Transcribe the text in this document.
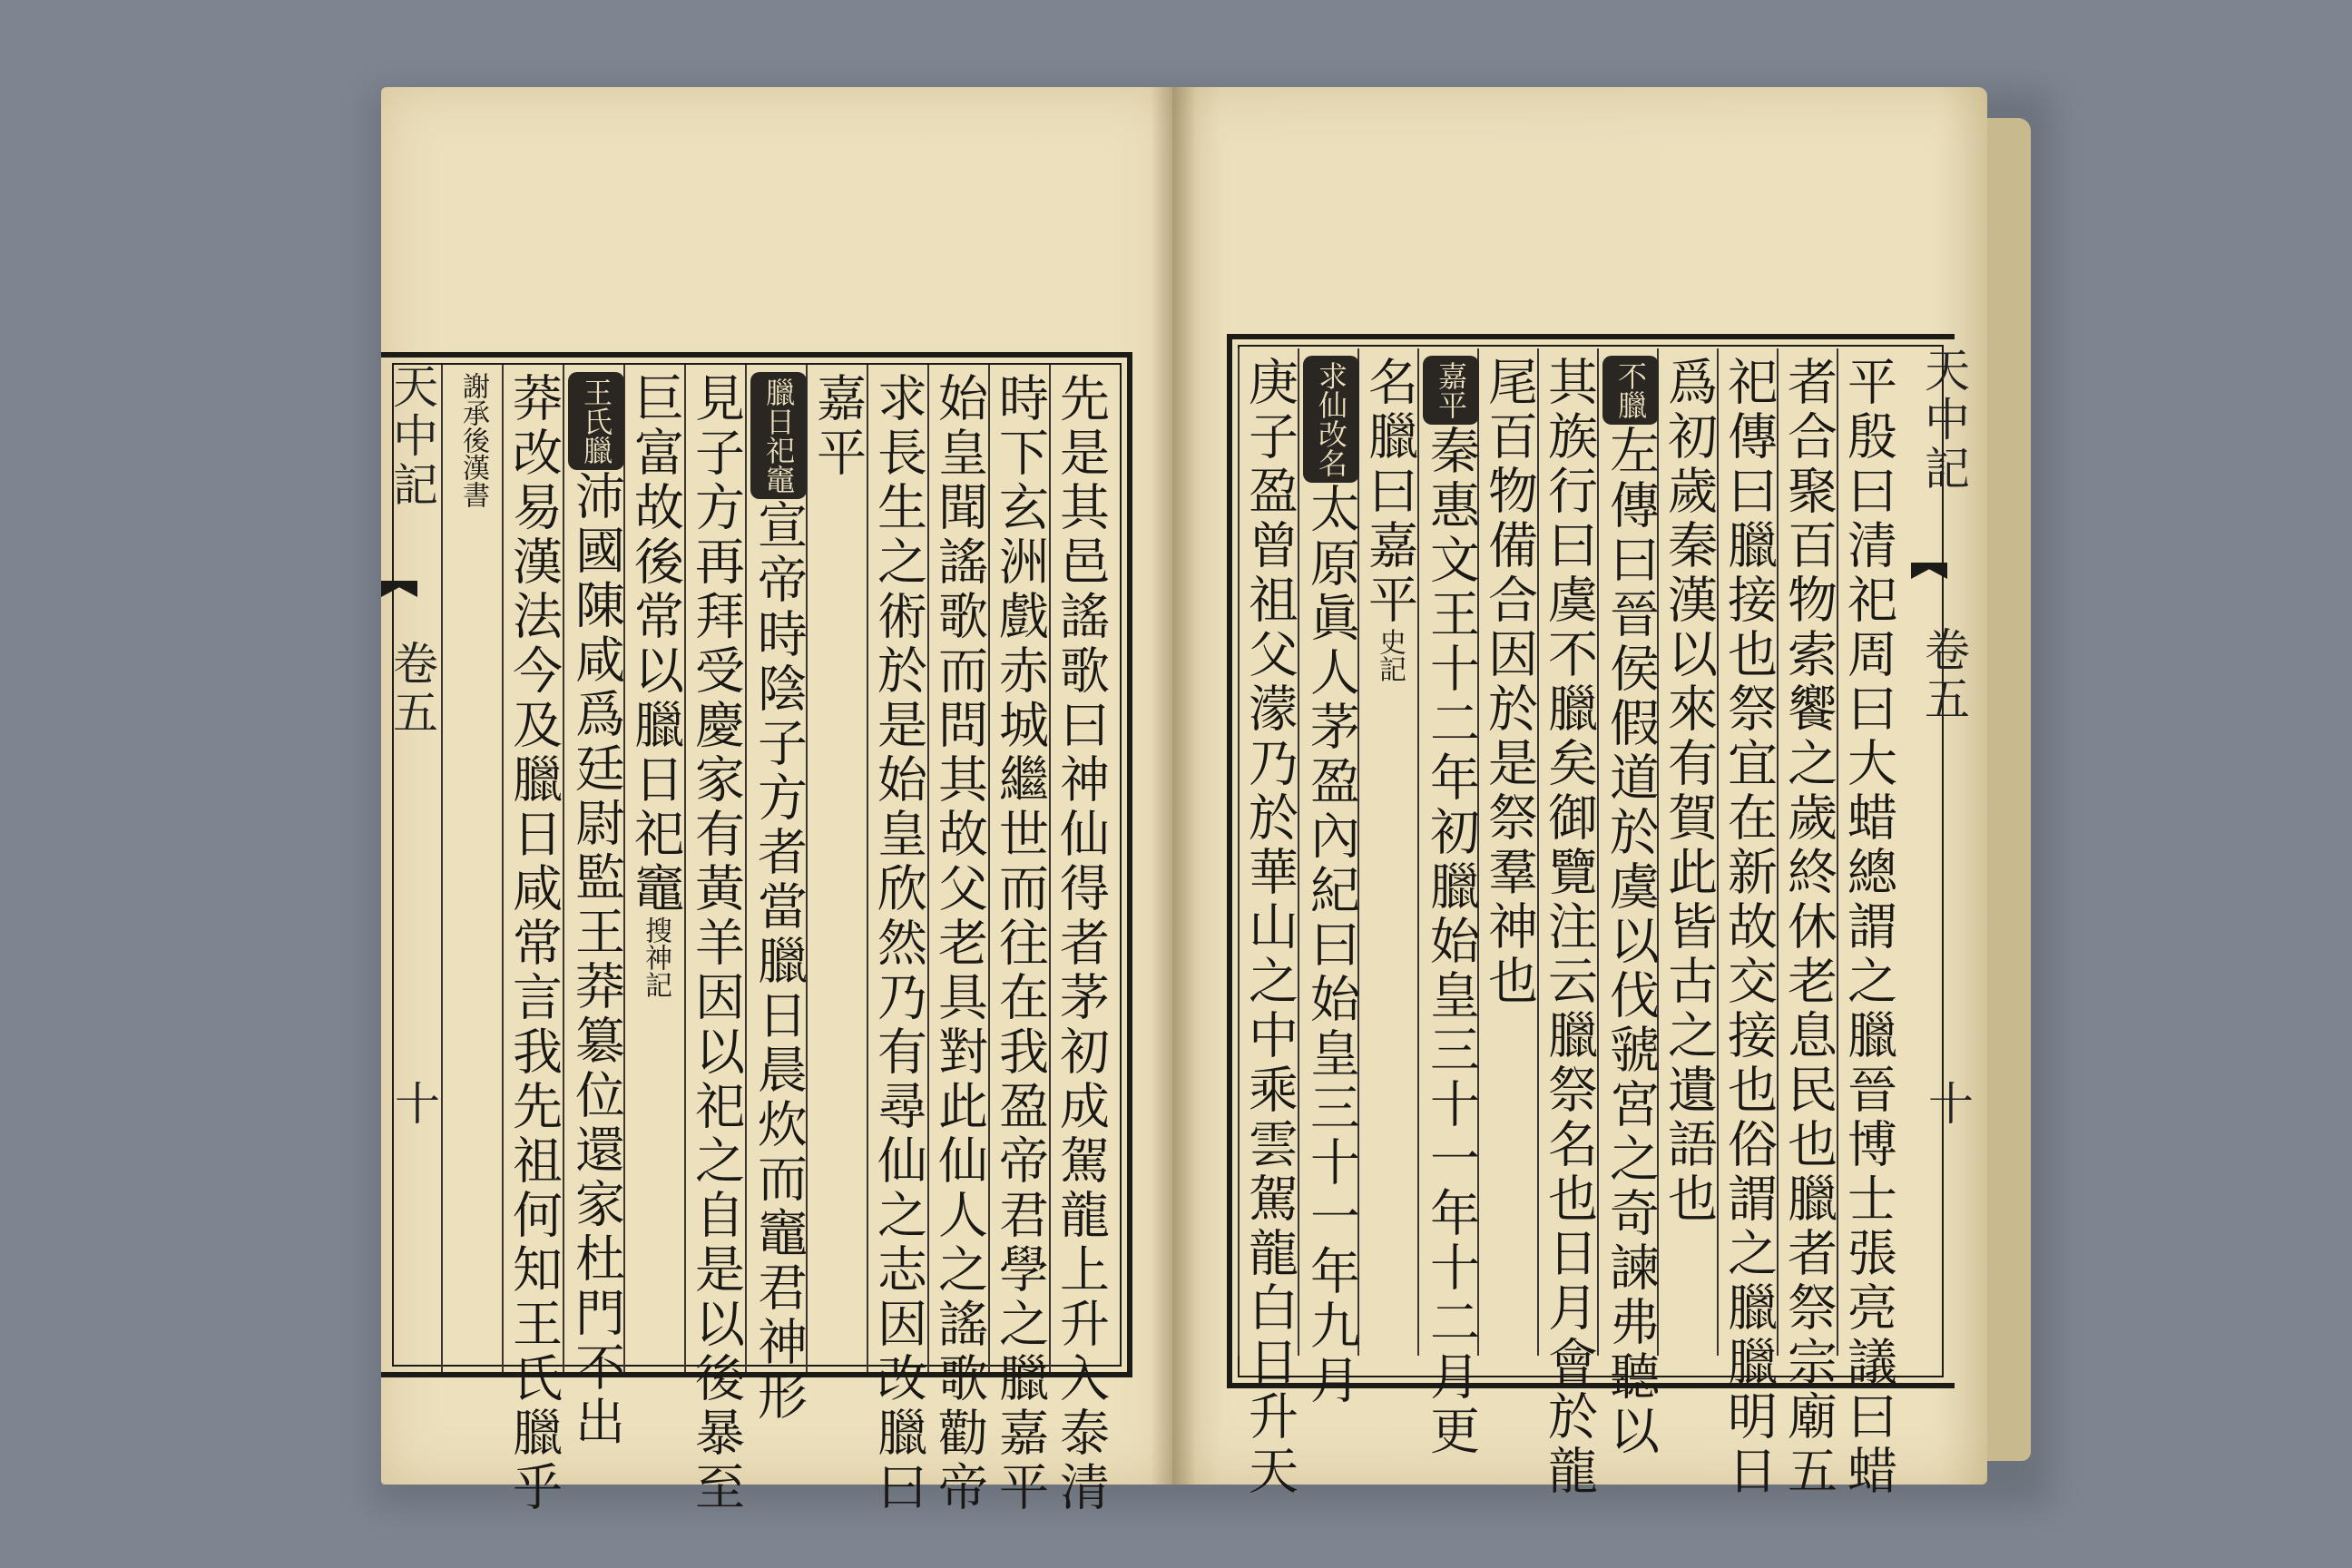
天中記
卷五
十
平殷曰清祀周曰大蜡總謂之臘晉博士張亮議曰蜡
者合聚百物索饗之歲終休老息民也臘者祭宗廟五
祀傳曰臘接也祭宜在新故交接也俗謂之臘臘明日
爲初歲秦漢以來有賀此皆古之遺語也
不臘左傳曰晉侯假道於虞以伐虢宮之奇諫弗聽以
其族行曰虞不臘矣御覽注云臘祭名也日月會於龍
尾百物備合因於是祭羣神也
嘉平秦惠文王十二年初臘始皇三十一年十二月更
名臘曰嘉平史記
求仙改名太原眞人茅盈內紀曰始皇三十一年九月
庚子盈曾祖父濛乃於華山之中乘雲駕龍白日升天
天中記
卷五
十	先是其邑謠歌曰神仙得者茅初成駕龍上升入泰清
時下玄洲戲赤城繼世而往在我盈帝君學之臘嘉平
始皇聞謠歌而問其故父老具對此仙人之謠歌勸帝
求長生之術於是始皇欣然乃有尋仙之志因改臘曰
嘉平
臘日祀竈宣帝時陰子方者當臘日晨炊而竈君神形
見子方再拜受慶家有黃羊因以祀之自是以後暴至
巨富故後常以臘日祀竈搜神記
王氏臘沛國陳咸爲廷尉監王莽簒位還家杜門不出
莽改易漢法今及臘日咸常言我先祖何知王氏臘乎
謝承後漢書
